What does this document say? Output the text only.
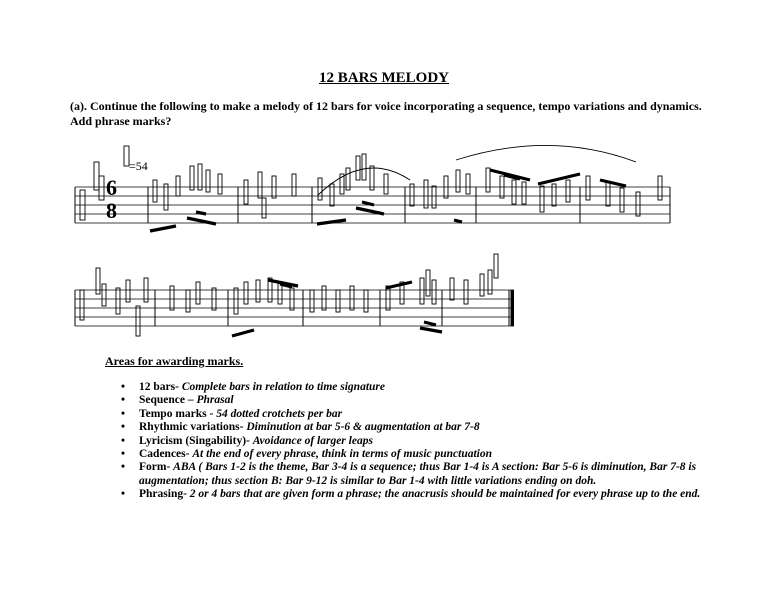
12 BARS MELODY
(a). Continue the following to make a melody of 12 bars for voice incorporating a sequence, tempo variations and dynamics.
Add phrase marks?
=54
6
8
Areas for awarding marks.
• 12 bars- Complete bars in relation to time signature
• Sequence – Phrasal
• Tempo marks - 54 dotted crotchets per bar
• Rhythmic variations- Diminution at bar 5-6 & augmentation at bar 7-8
• Lyricism (Singability)- Avoidance of larger leaps
• Cadences- At the end of every phrase, think in terms of music punctuation
• Form- ABA ( Bars 1-2 is the theme, Bar 3-4 is a sequence; thus Bar 1-4 is A section: Bar 5-6 is diminution, Bar 7-8 is augmentation; thus section B: Bar 9-12 is similar to Bar 1-4 with little variations ending on doh.
• Phrasing- 2 or 4 bars that are given form a phrase; the anacrusis should be maintained for every phrase up to the end.
